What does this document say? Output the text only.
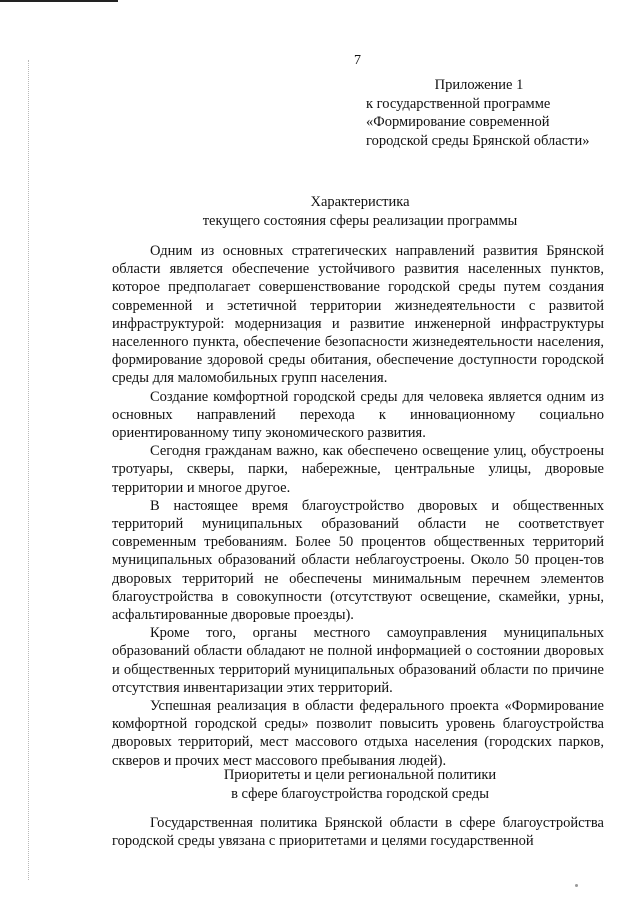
7
Приложение 1
к государственной программе
«Формирование современной
городской среды Брянской области»
Характеристика
текущего состояния сферы реализации программы

Одним из основных стратегических направлений развития Брянской области является обеспечение устойчивого развития населенных пунктов, которое предполагает совершенствование городской среды путем создания современной и эстетичной территории жизнедеятельности с развитой инфраструктурой: модернизация и развитие инженерной инфраструктуры населенного пункта, обеспечение безопасности жизнедеятельности населения, формирование здоровой среды обитания, обеспечение доступности городской среды для маломобильных групп населения.

Создание комфортной городской среды для человека является одним из основных направлений перехода к инновационному социально ориентированному типу экономического развития.

Сегодня гражданам важно, как обеспечено освещение улиц, обустроены тротуары, скверы, парки, набережные, центральные улицы, дворовые территории и многое другое.

В настоящее время благоустройство дворовых и общественных территорий муниципальных образований области не соответствует современным требованиям. Более 50 процентов общественных территорий муниципальных образований области неблагоустроены. Около 50 процен-тов дворовых территорий не обеспечены минимальным перечнем элементов благоустройства в совокупности (отсутствуют освещение, скамейки, урны, асфальтированные дворовые проезды).

Кроме того, органы местного самоуправления муниципальных образований области обладают не полной информацией о состоянии дворовых и общественных территорий муниципальных образований области по причине отсутствия инвентаризации этих территорий.

Успешная реализация в области федерального проекта «Формирование комфортной городской среды» позволит повысить уровень благоустройства дворовых территорий, мест массового отдыха населения (городских парков, скверов и прочих мест массового пребывания людей).

Приоритеты и цели региональной политики
в сфере благоустройства городской среды

Государственная политика Брянской области в сфере благоустройства городской среды увязана с приоритетами и целями государственной
